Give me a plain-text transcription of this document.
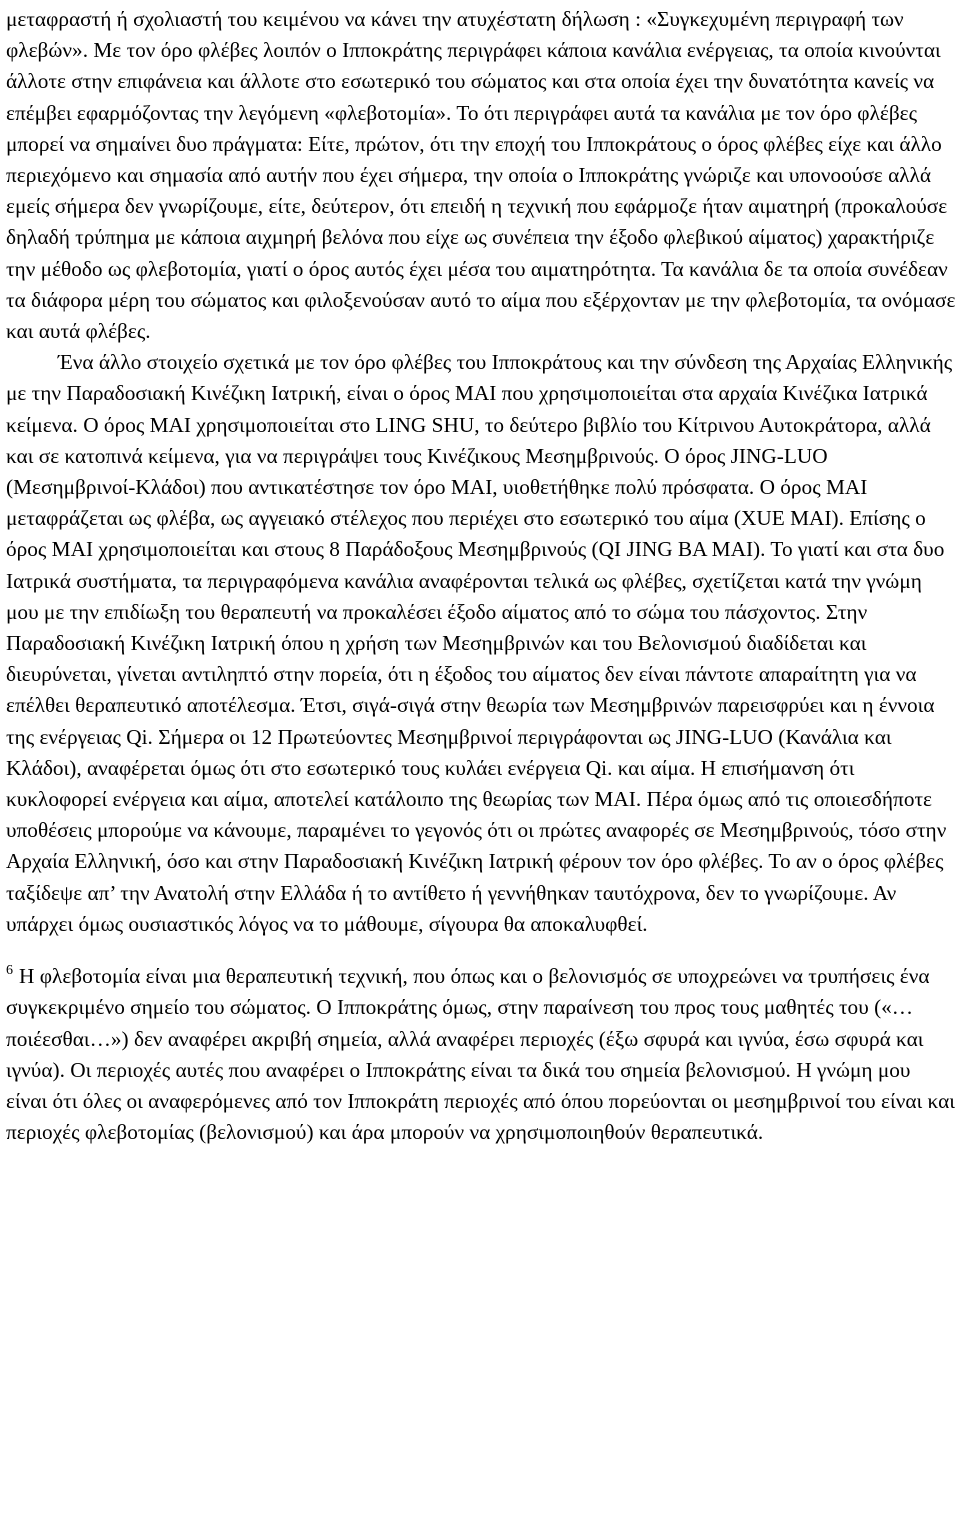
μεταφραστή ή σχολιαστή του κειμένου να κάνει την ατυχέστατη δήλωση : «Συγκεχυμένη περιγραφή των φλεβών». Με τον όρο φλέβες λοιπόν ο Ιπποκράτης περιγράφει κάποια κανάλια ενέργειας, τα οποία κινούνται άλλοτε στην επιφάνεια και άλλοτε στο εσωτερικό του σώματος και στα οποία έχει την δυνατότητα κανείς να επέμβει εφαρμόζοντας την λεγόμενη «φλεβοτομία». Το ότι περιγράφει αυτά τα κανάλια με τον όρο φλέβες μπορεί να σημαίνει δυο πράγματα: Είτε, πρώτον, ότι την εποχή του Ιπποκράτους ο όρος φλέβες είχε και άλλο περιεχόμενο και σημασία από αυτήν που έχει σήμερα, την οποία ο Ιπποκράτης γνώριζε και υπονοούσε αλλά εμείς σήμερα δεν γνωρίζουμε, είτε, δεύτερον, ότι επειδή η τεχνική που εφάρμοζε ήταν αιματηρή (προκαλούσε δηλαδή τρύπημα με κάποια αιχμηρή βελόνα που είχε ως συνέπεια την έξοδο φλεβικού αίματος) χαρακτήριζε την μέθοδο ως φλεβοτομία, γιατί ο όρος αυτός έχει μέσα του αιματηρότητα. Τα κανάλια δε τα οποία συνέδεαν τα διάφορα μέρη του σώματος και φιλοξενούσαν αυτό το αίμα που εξέρχονταν με την φλεβοτομία, τα ονόμασε και αυτά φλέβες.

Ένα άλλο στοιχείο σχετικά με τον όρο φλέβες του Ιπποκράτους και την σύνδεση της Αρχαίας Ελληνικής με την Παραδοσιακή Κινέζικη Ιατρική, είναι ο όρος MAI που χρησιμοποιείται στα αρχαία Κινέζικα Ιατρικά κείμενα. Ο όρος MAI χρησιμοποιείται στο LING SHU, το δεύτερο βιβλίο του Κίτρινου Αυτοκράτορα, αλλά και σε κατοπινά κείμενα, για να περιγράψει τους Κινέζικους Μεσημβρινούς. Ο όρος JING-LUO (Μεσημβρινοί-Κλάδοι) που αντικατέστησε τον όρο MAI, υιοθετήθηκε πολύ πρόσφατα. Ο όρος MAI μεταφράζεται ως φλέβα, ως αγγειακό στέλεχος που περιέχει στο εσωτερικό του αίμα (XUE MAI). Επίσης ο όρος MAI χρησιμοποιείται και στους 8 Παράδοξους Μεσημβρινούς (QI JING BA MAI). Το γιατί και στα δυο Ιατρικά συστήματα, τα περιγραφόμενα κανάλια αναφέρονται τελικά ως φλέβες, σχετίζεται κατά την γνώμη μου με την επιδίωξη του θεραπευτή να προκαλέσει έξοδο αίματος από το σώμα του πάσχοντος. Στην Παραδοσιακή Κινέζικη Ιατρική όπου η χρήση των Μεσημβρινών και του Βελονισμού διαδίδεται και διευρύνεται, γίνεται αντιληπτό στην πορεία, ότι η έξοδος του αίματος δεν είναι πάντοτε απαραίτητη για να επέλθει θεραπευτικό αποτέλεσμα. Έτσι, σιγά-σιγά στην θεωρία των Μεσημβρινών παρεισφρύει και η έννοια της ενέργειας Qi. Σήμερα οι 12 Πρωτεύοντες Μεσημβρινοί περιγράφονται ως JING-LUO (Κανάλια και Κλάδοι), αναφέρεται όμως ότι στο εσωτερικό τους κυλάει ενέργεια Qi. και αίμα. Η επισήμανση ότι κυκλοφορεί ενέργεια και αίμα, αποτελεί κατάλοιπο της θεωρίας των MAI. Πέρα όμως από τις οποιεσδήποτε υποθέσεις μπορούμε να κάνουμε, παραμένει το γεγονός ότι οι πρώτες αναφορές σε Μεσημβρινούς, τόσο στην Αρχαία Ελληνική, όσο και στην Παραδοσιακή Κινέζικη Ιατρική φέρουν τον όρο φλέβες. Το αν ο όρος φλέβες ταξίδεψε απ’ την Ανατολή στην Ελλάδα ή το αντίθετο ή γεννήθηκαν ταυτόχρονα, δεν το γνωρίζουμε. Αν υπάρχει όμως ουσιαστικός λόγος να το μάθουμε, σίγουρα θα αποκαλυφθεί.

$^6$ Η φλεβοτομία είναι μια θεραπευτική τεχνική, που όπως και ο βελονισμός σε υποχρεώνει να τρυπήσεις ένα συγκεκριμένο σημείο του σώματος. Ο Ιπποκράτης όμως, στην παραίνεση του προς τους μαθητές του («…ποιέεσθαι…») δεν αναφέρει ακριβή σημεία, αλλά αναφέρει περιοχές (έξω σφυρά και ιγνύα, έσω σφυρά και ιγνύα). Οι περιοχές αυτές που αναφέρει ο Ιπποκράτης είναι τα δικά του σημεία βελονισμού. Η γνώμη μου είναι ότι όλες οι αναφερόμενες από τον Ιπποκράτη περιοχές από όπου πορεύονται οι μεσημβρινοί του είναι και περιοχές φλεβοτομίας (βελονισμού) και άρα μπορούν να χρησιμοποιηθούν θεραπευτικά.
